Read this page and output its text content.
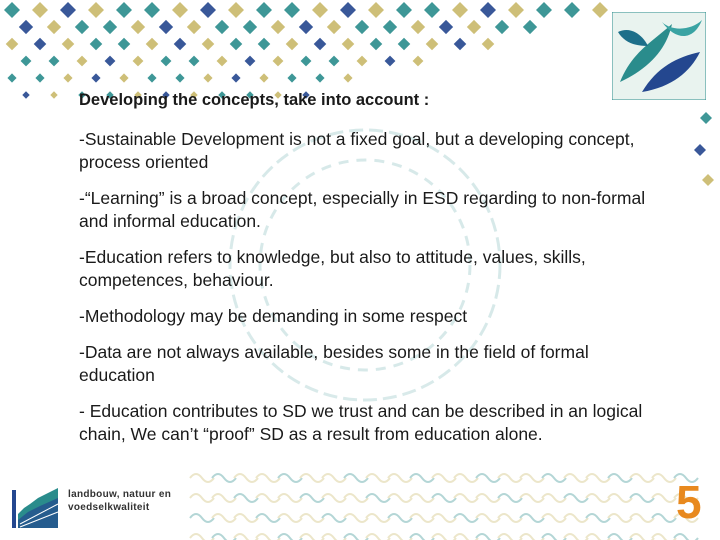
Developing the concepts, take into account :

-Sustainable Development is not a fixed goal, but a developing concept, process oriented

-“Learning” is a broad concept, especially in ESD regarding to non-formal and informal education.

-Education refers to knowledge, but also to attitude, values, skills, competences, behaviour.

-Methodology may be demanding in some respect

-Data are not always available, besides some in the field of formal education

- Education contributes to SD we trust and can be described in an logical chain, We can’t “proof” SD as a result from education alone.

landbouw, natuur en
voedselkwaliteit	5
